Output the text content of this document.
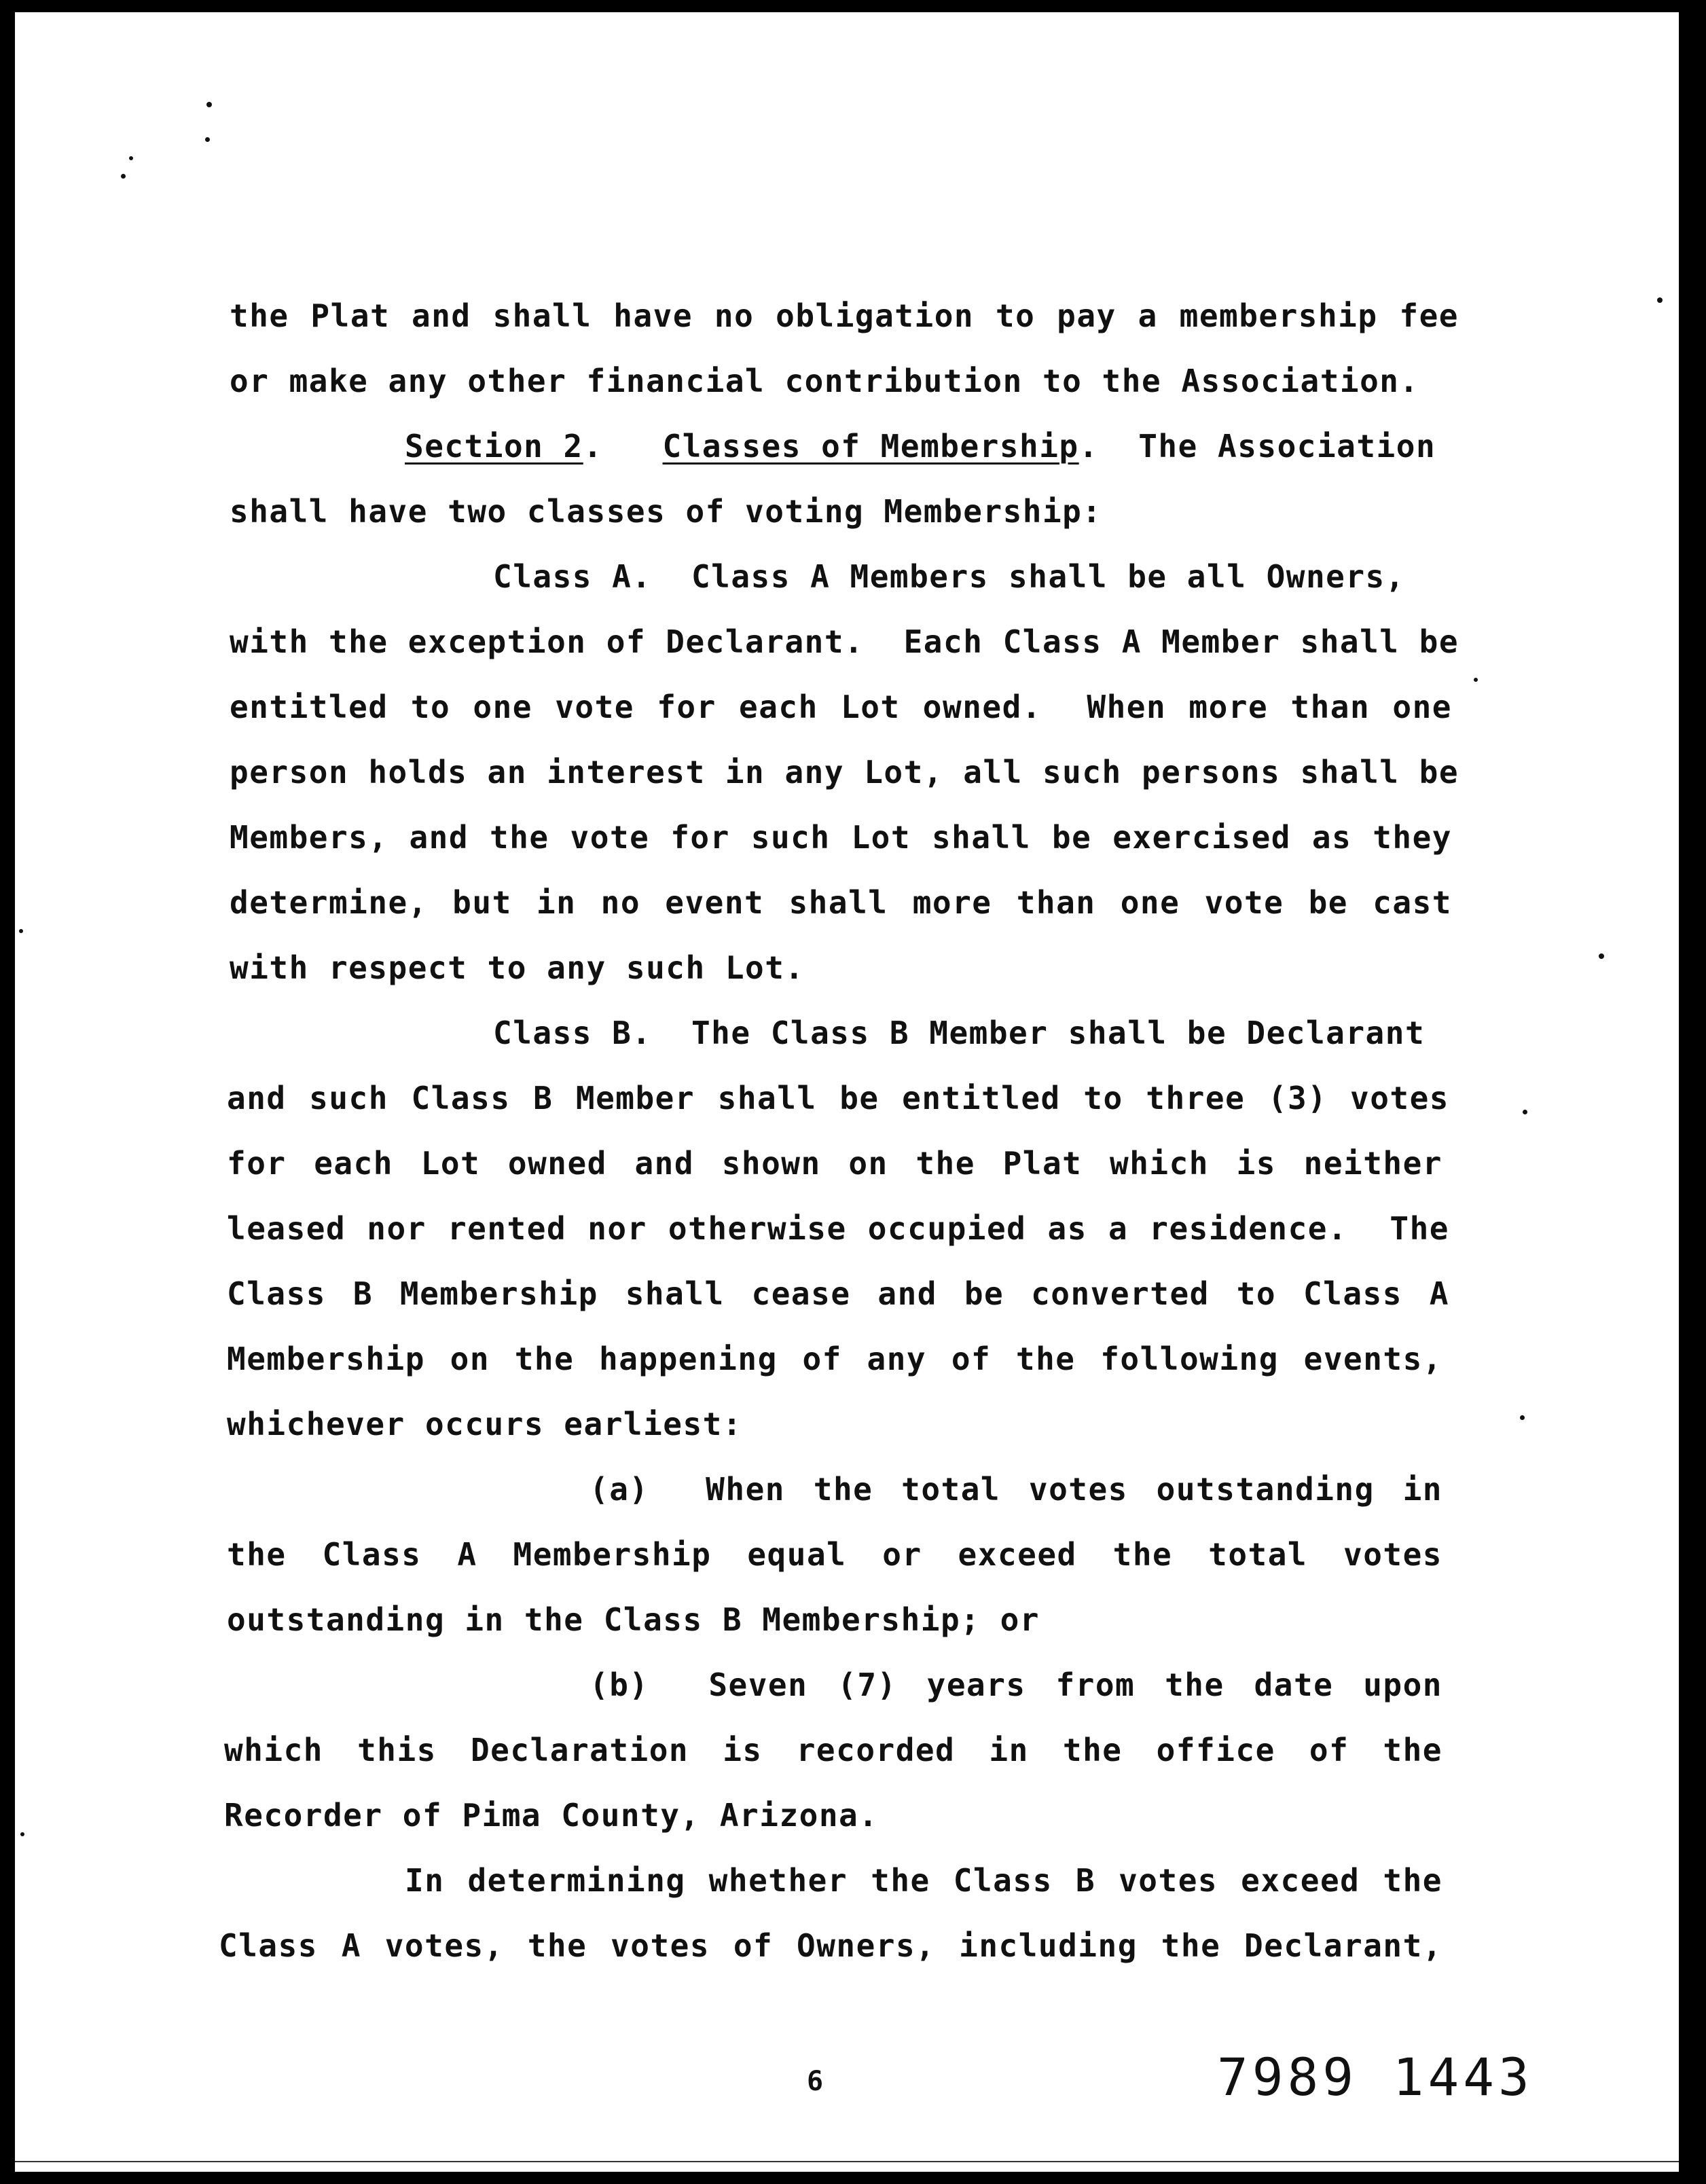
the Plat and shall have no obligation to pay a membership fee
or make any other financial contribution to the Association.
Section 2. Classes of Membership.  The Association
shall have two classes of voting Membership:
Class A.  Class A Members shall be all Owners,
with the exception of Declarant.  Each Class A Member shall be
entitled to one vote for each Lot owned.  When more than one
person holds an interest in any Lot, all such persons shall be
Members, and the vote for such Lot shall be exercised as they
determine, but in no event shall more than one vote be cast
with respect to any such Lot.
Class B.  The Class B Member shall be Declarant
and such Class B Member shall be entitled to three (3) votes
for each Lot owned and shown on the Plat which is neither
leased nor rented nor otherwise occupied as a residence.  The
Class B Membership shall cease and be converted to Class A
Membership on the happening of any of the following events,
whichever occurs earliest:
(a)  When the total votes outstanding in
the Class A Membership equal or exceed the total votes
outstanding in the Class B Membership; or
(b)  Seven (7) years from the date upon
which this Declaration is recorded in the office of the
Recorder of Pima County, Arizona.
In determining whether the Class B votes exceed the
Class A votes, the votes of Owners, including the Declarant,
6	7989 1443
